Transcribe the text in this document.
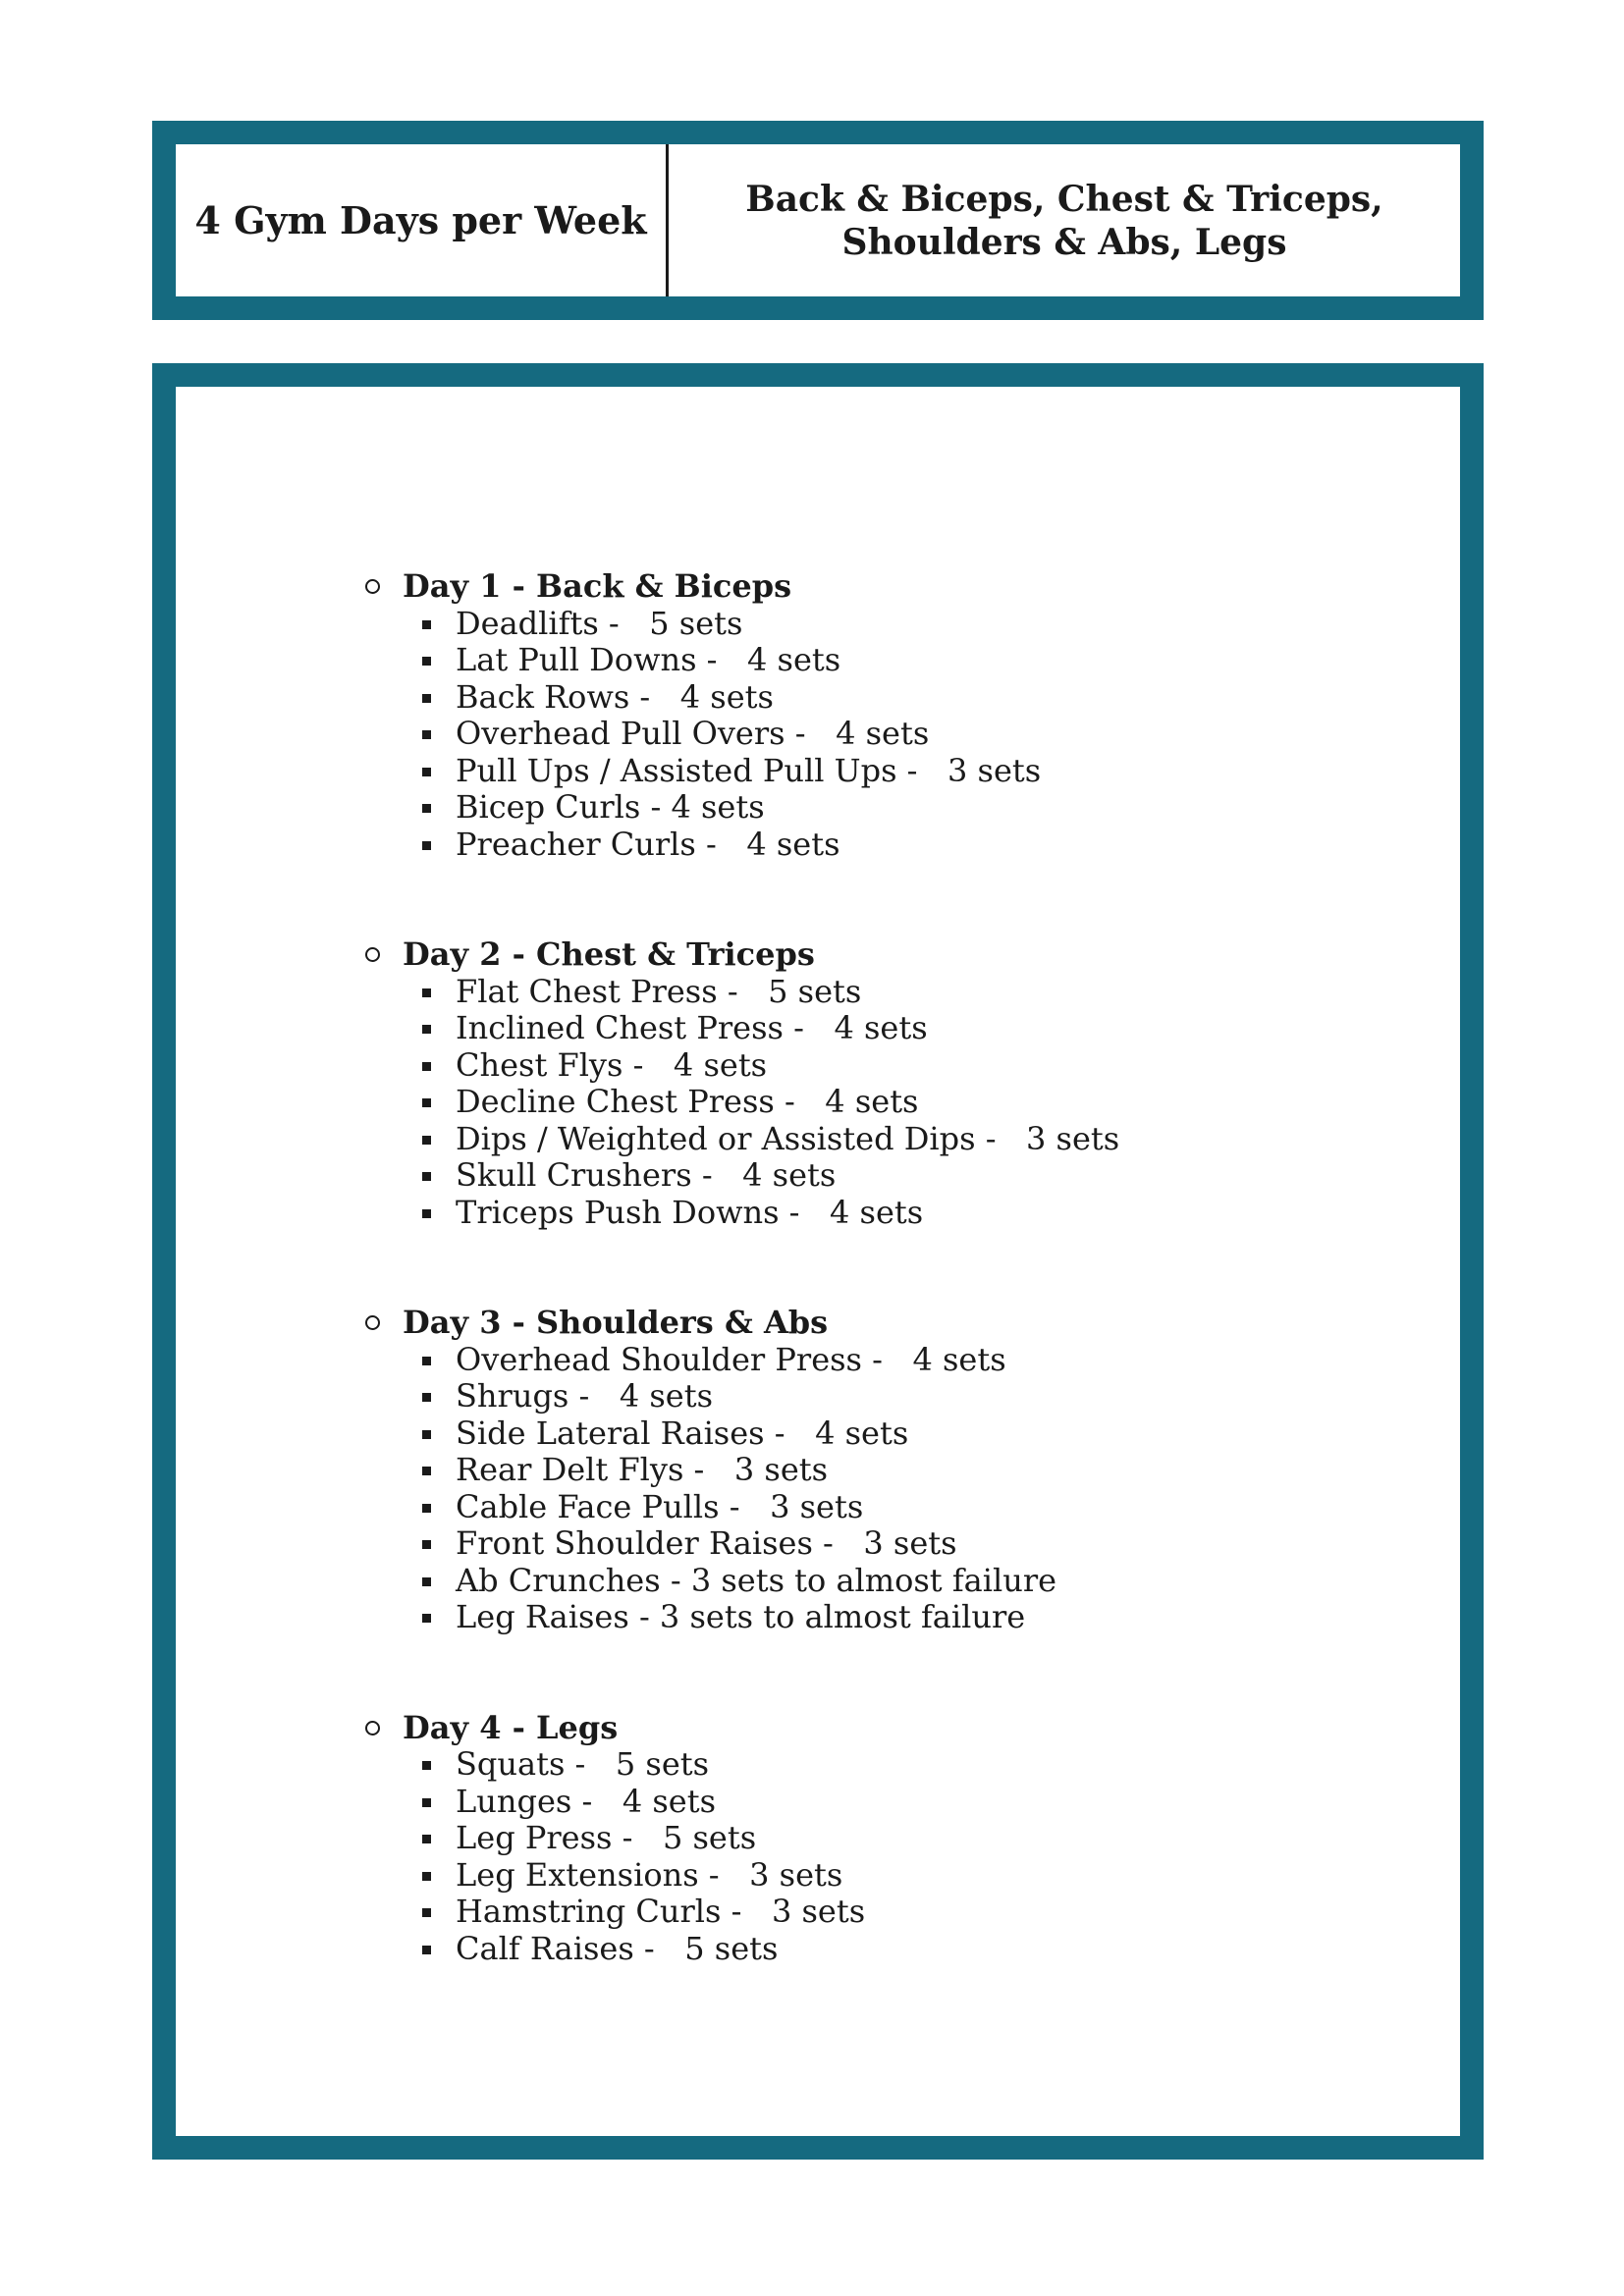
4 Gym Days per Week	Back & Biceps, Chest & Triceps,
Shoulders & Abs, Legs
Day 1 - Back & Biceps
Deadlifts -   5 sets
Lat Pull Downs -   4 sets
Back Rows -   4 sets
Overhead Pull Overs -   4 sets
Pull Ups / Assisted Pull Ups -   3 sets
Bicep Curls - 4 sets
Preacher Curls -   4 sets
Day 2 - Chest & Triceps
Flat Chest Press -   5 sets
Inclined Chest Press -   4 sets
Chest Flys -   4 sets
Decline Chest Press -   4 sets
Dips / Weighted or Assisted Dips -   3 sets
Skull Crushers -   4 sets
Triceps Push Downs -   4 sets
Day 3 - Shoulders & Abs
Overhead Shoulder Press -   4 sets
Shrugs -   4 sets
Side Lateral Raises -   4 sets
Rear Delt Flys -   3 sets
Cable Face Pulls -   3 sets
Front Shoulder Raises -   3 sets
Ab Crunches - 3 sets to almost failure
Leg Raises - 3 sets to almost failure
Day 4 - Legs
Squats -   5 sets
Lunges -   4 sets
Leg Press -   5 sets
Leg Extensions -   3 sets
Hamstring Curls -   3 sets
Calf Raises -   5 sets
